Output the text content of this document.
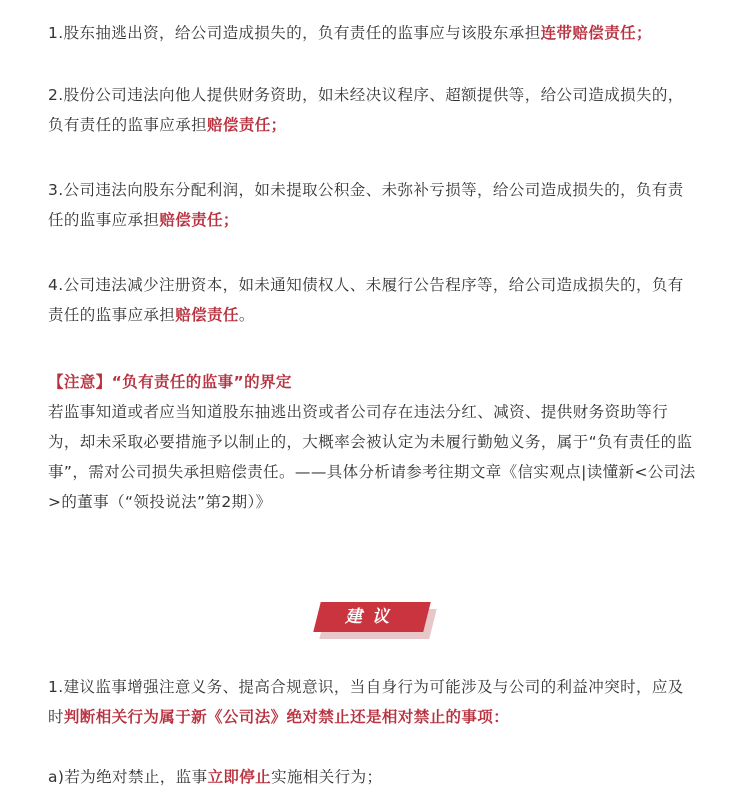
1.股东抽逃出资，给公司造成损失的，负有责任的监事应与该股东承担连带赔偿责任；

2.股份公司违法向他人提供财务资助，如未经决议程序、超额提供等，给公司造成损失的，负有责任的监事应承担赔偿责任；

3.公司违法向股东分配利润，如未提取公积金、未弥补亏损等，给公司造成损失的，负有责任的监事应承担赔偿责任；

4.公司违法减少注册资本，如未通知债权人、未履行公告程序等，给公司造成损失的，负有责任的监事应承担赔偿责任。

【注意】“负有责任的监事”的界定
若监事知道或者应当知道股东抽逃出资或者公司存在违法分红、减资、提供财务资助等行为，却未采取必要措施予以制止的，大概率会被认定为未履行勤勉义务，属于“负有责任的监事”，需对公司损失承担赔偿责任。——具体分析请参考往期文章《信实观点|读懂新<公司法>的董事（“领投说法”第2期）》

建议

1.建议监事增强注意义务、提高合规意识，当自身行为可能涉及与公司的利益冲突时，应及时判断相关行为属于新《公司法》绝对禁止还是相对禁止的事项：

a)若为绝对禁止，监事立即停止实施相关行为；
